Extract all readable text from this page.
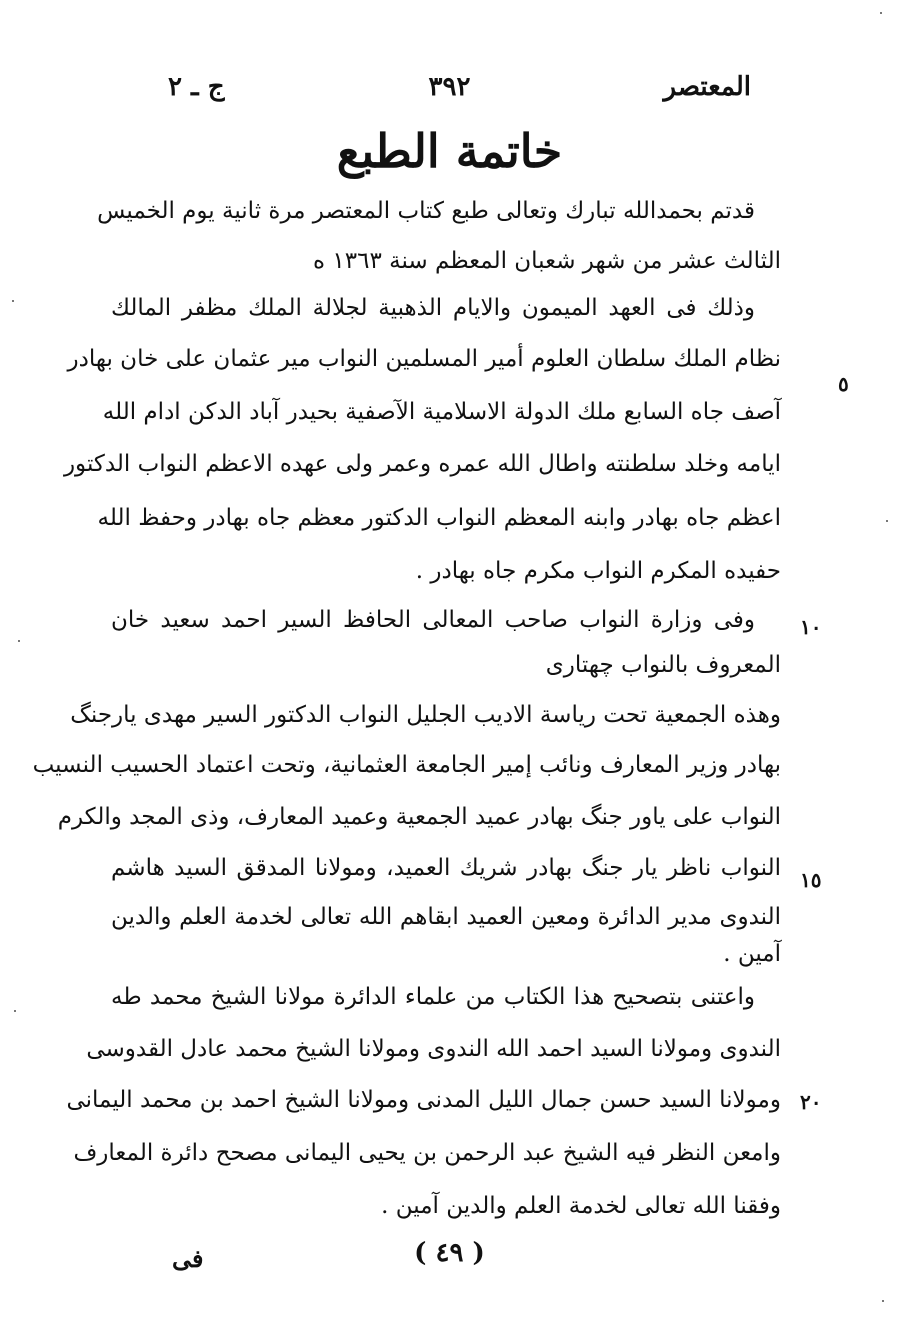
المعتصر
٣٩٢
ج ـ ٢
خاتمة الطبع
قدتم بحمدالله تبارك وتعالى طبع كتاب المعتصر مرة ثانية يوم الخميس
الثالث عشر من شهر شعبان المعظم سنة ١٣٦٣ ه
وذلك فى العهد الميمون والايام الذهبية لجلالة الملك مظفر المالك
نظام الملك سلطان العلوم أمير المسلمين النواب مير عثمان على خان بهادر
آصف جاه السابع ملك الدولة الاسلامية الآصفية بحيدر آباد الدكن ادام الله
ايامه وخلد سلطنته واطال الله عمره وعمر ولى عهده الاعظم النواب الدكتور
اعظم جاه بهادر وابنه المعظم النواب الدكتور معظم جاه بهادر وحفظ الله
حفيده المكرم النواب مكرم جاه بهادر .
وفى وزارة النواب صاحب المعالى الحافظ السير احمد سعيد خان
المعروف بالنواب چهتاری
وهذه الجمعية تحت رياسة الاديب الجليل النواب الدكتور السير مهدى يارجنگ
بهادر وزير المعارف ونائب إمير الجامعة العثمانية، وتحت اعتماد الحسيب النسيب
النواب على ياور جنگ بهادر عميد الجمعية وعميد المعارف، وذى المجد والكرم
النواب ناظر يار جنگ بهادر شريك العميد، ومولانا المدقق السيد هاشم
الندوى مدير الدائرة ومعين العميد ابقاهم الله تعالى لخدمة العلم والدين
آمين .
واعتنى بتصحيح هذا الكتاب من علماء الدائرة مولانا الشيخ محمد طه
الندوى ومولانا السيد احمد الله الندوى ومولانا الشيخ محمد عادل القدوسى
ومولانا السيد حسن جمال الليل المدنى ومولانا الشيخ احمد بن محمد اليمانى
وامعن النظر فيه الشيخ عبد الرحمن بن يحيى اليمانى مصحح دائرة المعارف
وفقنا الله تعالى لخدمة العلم والدين آمين .
٥
١٠
١٥
٢٠
( ٤٩ )
فى
